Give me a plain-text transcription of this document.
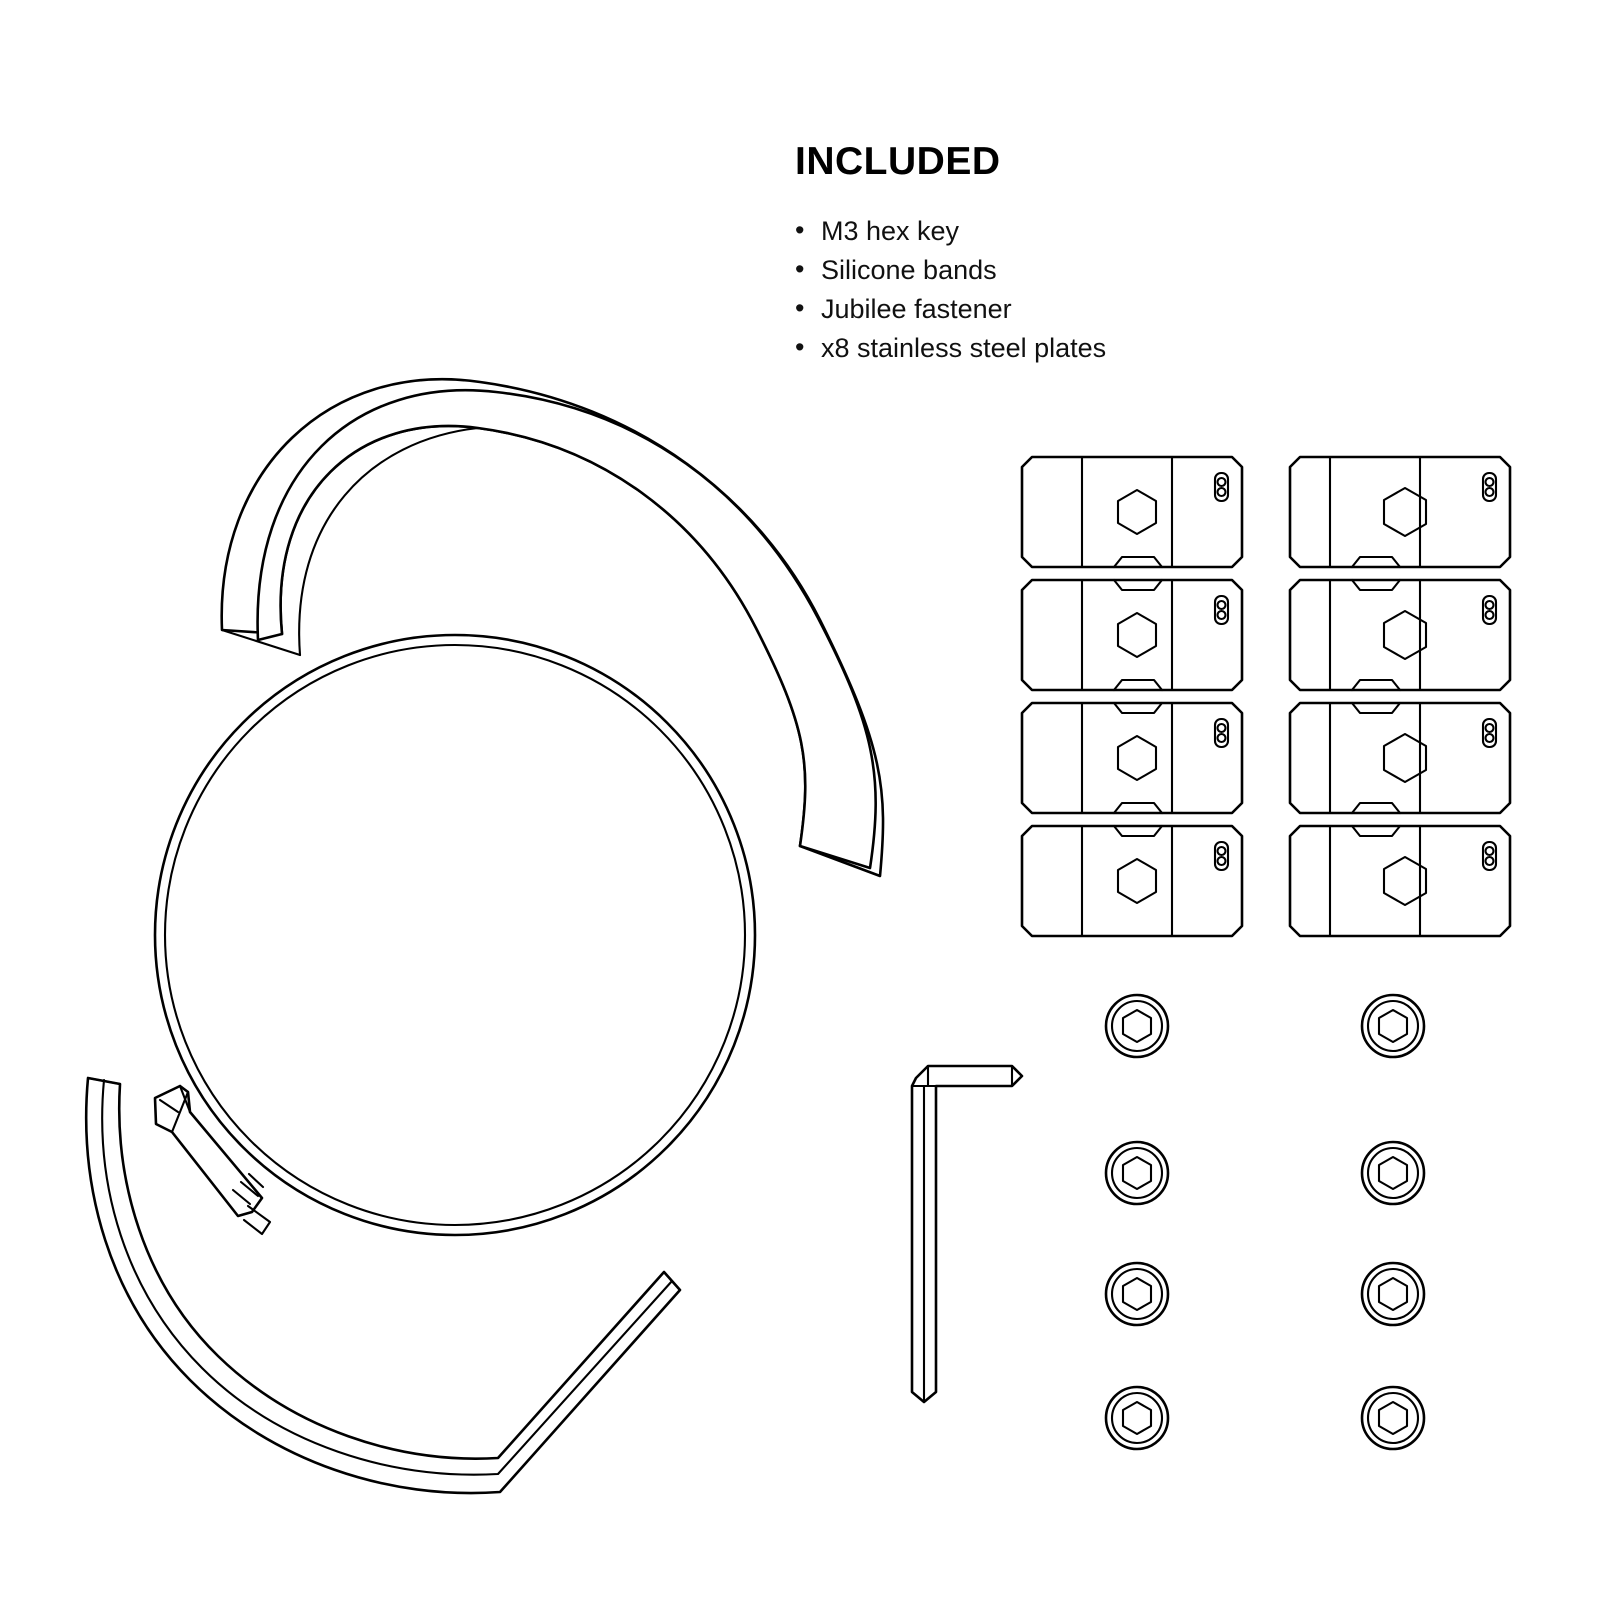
INCLUDED
• M3 hex key
• Silicone bands
• Jubilee fastener
• x8 stainless steel plates
